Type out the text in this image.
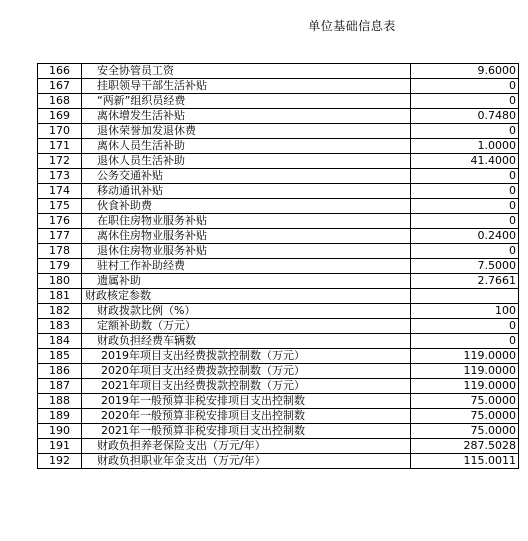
单位基础信息表
166	安全协管员工资	9.6000
167	挂职领导干部生活补贴	0
168	“两新”组织员经费	0
169	离休增发生活补贴	0.7480
170	退休荣誉加发退休费	0
171	离休人员生活补助	1.0000
172	退休人员生活补助	41.4000
173	公务交通补贴	0
174	移动通讯补贴	0
175	伙食补助费	0
176	在职住房物业服务补贴	0
177	离休住房物业服务补贴	0.2400
178	退休住房物业服务补贴	0
179	驻村工作补助经费	7.5000
180	遗属补助	2.7661
181	财政核定参数	
182	财政拨款比例（%）	100
183	定额补助数（万元）	0
184	财政负担经费车辆数	0
185	2019年项目支出经费拨款控制数（万元）	119.0000
186	2020年项目支出经费拨款控制数（万元）	119.0000
187	2021年项目支出经费拨款控制数（万元）	119.0000
188	2019年一般预算非税安排项目支出控制数	75.0000
189	2020年一般预算非税安排项目支出控制数	75.0000
190	2021年一般预算非税安排项目支出控制数	75.0000
191	财政负担养老保险支出（万元/年）	287.5028
192	财政负担职业年金支出（万元/年）	115.0011
